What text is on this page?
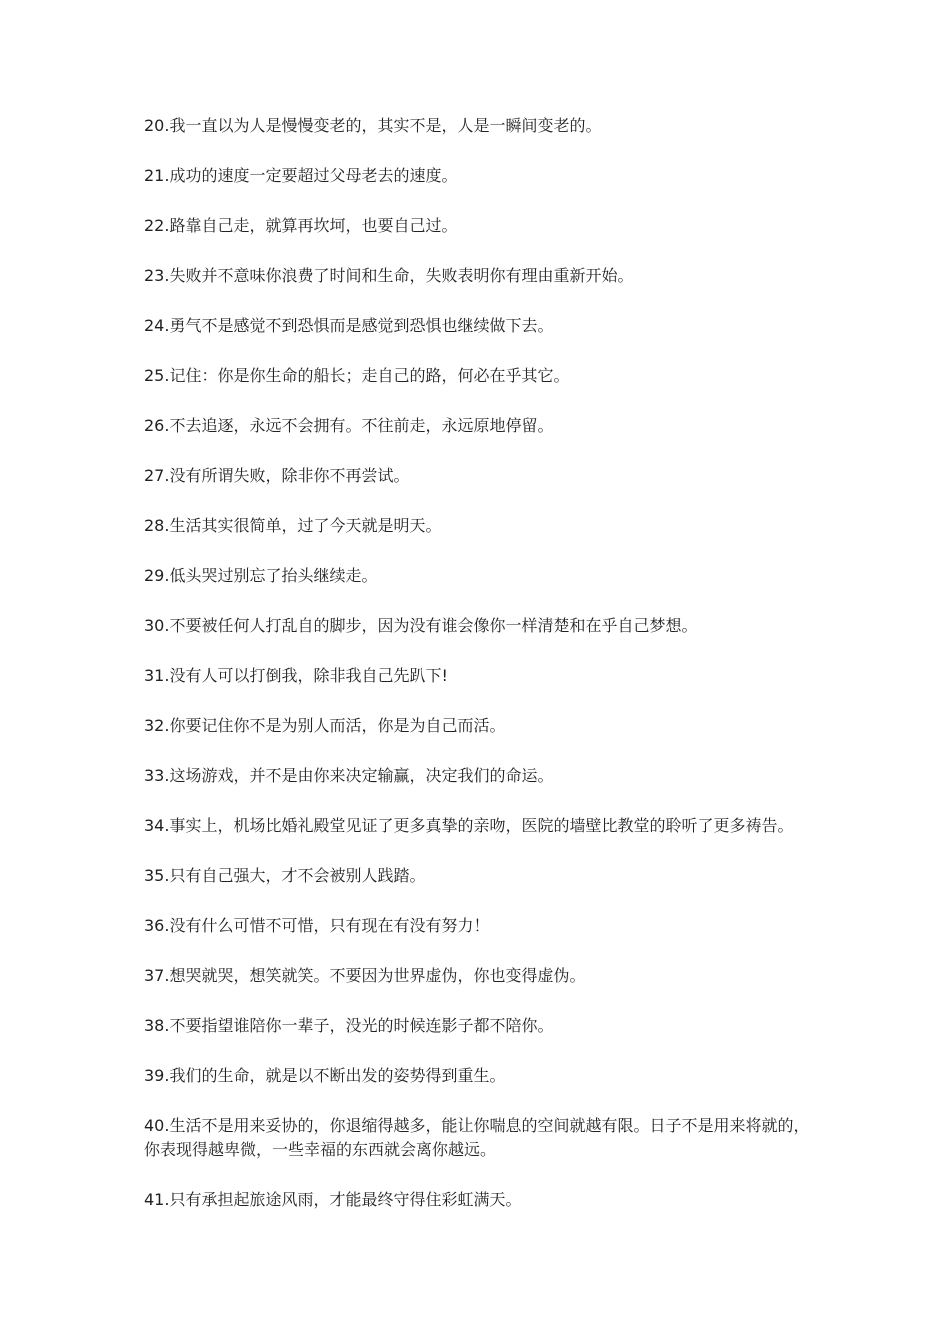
20.我一直以为人是慢慢变老的，其实不是，人是一瞬间变老的。

21.成功的速度一定要超过父母老去的速度。

22.路靠自己走，就算再坎坷，也要自己过。

23.失败并不意味你浪费了时间和生命，失败表明你有理由重新开始。

24.勇气不是感觉不到恐惧而是感觉到恐惧也继续做下去。

25.记住：你是你生命的船长；走自己的路，何必在乎其它。

26.不去追逐，永远不会拥有。不往前走，永远原地停留。

27.没有所谓失败，除非你不再尝试。

28.生活其实很简单，过了今天就是明天。

29.低头哭过别忘了抬头继续走。

30.不要被任何人打乱自的脚步，因为没有谁会像你一样清楚和在乎自己梦想。

31.没有人可以打倒我，除非我自己先趴下!

32.你要记住你不是为别人而活，你是为自己而活。

33.这场游戏，并不是由你来决定输赢，决定我们的命运。

34.事实上，机场比婚礼殿堂见证了更多真挚的亲吻，医院的墙壁比教堂的聆听了更多祷告。

35.只有自己强大，才不会被别人践踏。

36.没有什么可惜不可惜，只有现在有没有努力！

37.想哭就哭，想笑就笑。不要因为世界虚伪，你也变得虚伪。

38.不要指望谁陪你一辈子，没光的时候连影子都不陪你。

39.我们的生命，就是以不断出发的姿势得到重生。

40.生活不是用来妥协的，你退缩得越多，能让你喘息的空间就越有限。日子不是用来将就的，你表现得越卑微，一些幸福的东西就会离你越远。

41.只有承担起旅途风雨，才能最终守得住彩虹满天。
